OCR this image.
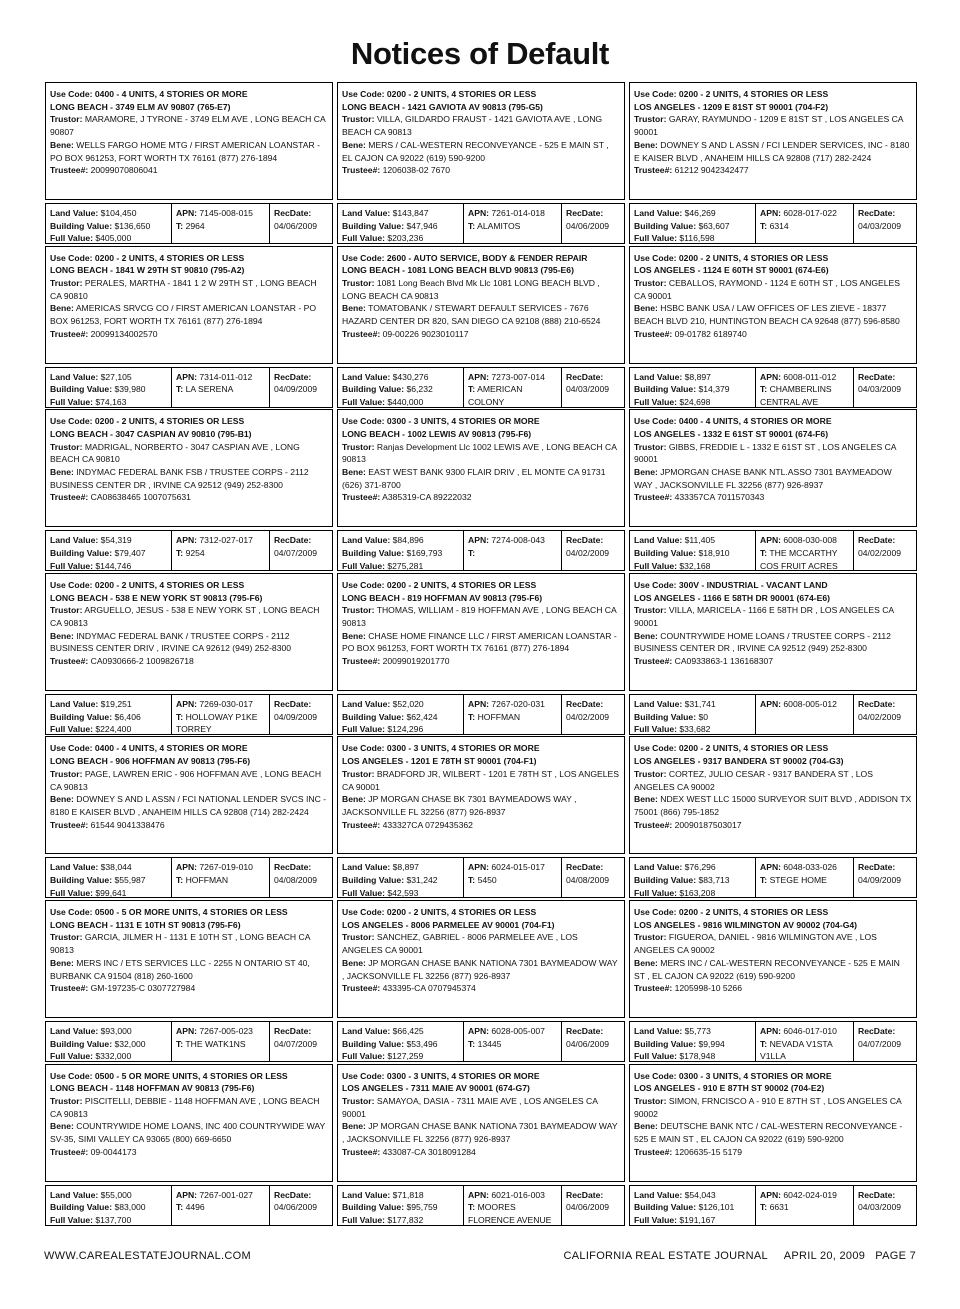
Notices of Default
Use Code: 0400 - 4 UNITS, 4 STORIES OR MORE
LONG BEACH - 3749 ELM AV 90807 (765-E7)
Trustor: MARAMORE, J TYRONE - 3749 ELM AVE , LONG BEACH CA 90807
Bene: WELLS FARGO HOME MTG / FIRST AMERICAN LOANSTAR - PO BOX 961253, FORT WORTH TX 76161 (877) 276-1894
Trustee#: 20099070806041
Land Value: $104,450
Building Value: $136,650
Full Value: $405,000
APN: 7145-008-015
T: 2964
RecDate:
04/06/2009
Use Code: 0200 - 2 UNITS, 4 STORIES OR LESS
LONG BEACH - 1841 W 29TH ST 90810 (795-A2)
Trustor: PERALES, MARTHA - 1841 1 2 W 29TH ST , LONG BEACH CA 90810
Bene: AMERICAS SRVCG CO / FIRST AMERICAN LOANSTAR - PO BOX 961253, FORT WORTH TX 76161 (877) 276-1894
Trustee#: 20099134002570
Land Value: $27,105
Building Value: $39,980
Full Value: $74,163
APN: 7314-011-012
T: LA SERENA
RecDate:
04/09/2009
Use Code: 0200 - 2 UNITS, 4 STORIES OR LESS
LONG BEACH - 3047 CASPIAN AV 90810 (795-B1)
Trustor: MADRIGAL, NORBERTO - 3047 CASPIAN AVE , LONG BEACH CA 90810
Bene: INDYMAC FEDERAL BANK FSB / TRUSTEE CORPS - 2112 BUSINESS CENTER DR , IRVINE CA 92512 (949) 252-8300
Trustee#: CA08638465 1007075631
Land Value: $54,319
Building Value: $79,407
Full Value: $144,746
APN: 7312-027-017
T: 9254
RecDate:
04/07/2009
Use Code: 0200 - 2 UNITS, 4 STORIES OR LESS
LONG BEACH - 538 E NEW YORK ST 90813 (795-F6)
Trustor: ARGUELLO, JESUS - 538 E NEW YORK ST , LONG BEACH CA 90813
Bene: INDYMAC FEDERAL BANK / TRUSTEE CORPS - 2112 BUSINESS CENTER DRIV , IRVINE CA 92612 (949) 252-8300
Trustee#: CA0930666-2 1009826718
Land Value: $19,251
Building Value: $6,406
Full Value: $224,400
APN: 7269-030-017
T: HOLLOWAY P1KE TORREY
RecDate:
04/09/2009
Use Code: 0400 - 4 UNITS, 4 STORIES OR MORE
LONG BEACH - 906 HOFFMAN AV 90813 (795-F6)
Trustor: PAGE, LAWREN ERIC - 906 HOFFMAN AVE , LONG BEACH CA 90813
Bene: DOWNEY S AND L ASSN / FCI NATIONAL LENDER SVCS INC - 8180 E KAISER BLVD , ANAHEIM HILLS CA 92808 (714) 282-2424
Trustee#: 61544 9041338476
Land Value: $38,044
Building Value: $55,987
Full Value: $99,641
APN: 7267-019-010
T: HOFFMAN
RecDate:
04/08/2009
Use Code: 0500 - 5 OR MORE UNITS, 4 STORIES OR LESS
LONG BEACH - 1131 E 10TH ST 90813 (795-F6)
Trustor: GARCIA, JILMER H - 1131 E 10TH ST , LONG BEACH CA 90813
Bene: MERS INC / ETS SERVICES LLC - 2255 N ONTARIO ST 40, BURBANK CA 91504 (818) 260-1600
Trustee#: GM-197235-C 0307727984
Land Value: $93,000
Building Value: $32,000
Full Value: $332,000
APN: 7267-005-023
T: THE WATK1NS
RecDate:
04/07/2009
Use Code: 0500 - 5 OR MORE UNITS, 4 STORIES OR LESS
LONG BEACH - 1148 HOFFMAN AV 90813 (795-F6)
Trustor: PISCITELLI, DEBBIE - 1148 HOFFMAN AVE , LONG BEACH CA 90813
Bene: COUNTRYWIDE HOME LOANS, INC 400 COUNTRYWIDE WAY SV-35, SIMI VALLEY CA 93065 (800) 669-6650
Trustee#: 09-0044173
Land Value: $55,000
Building Value: $83,000
Full Value: $137,700
APN: 7267-001-027
T: 4496
RecDate:
04/06/2009
Use Code: 0200 - 2 UNITS, 4 STORIES OR LESS
LONG BEACH - 1421 GAVIOTA AV 90813 (795-G5)
Trustor: VILLA, GILDARDO FRAUST - 1421 GAVIOTA AVE , LONG BEACH CA 90813
Bene: MERS / CAL-WESTERN RECONVEYANCE - 525 E MAIN ST , EL CAJON CA 92022 (619) 590-9200
Trustee#: 1206038-02 7670
Land Value: $143,847
Building Value: $47,946
Full Value: $203,236
APN: 7261-014-018
T: ALAMITOS
RecDate:
04/06/2009
Use Code: 2600 - AUTO SERVICE, BODY & FENDER REPAIR
LONG BEACH - 1081 LONG BEACH BLVD 90813 (795-E6)
Trustor: 1081 Long Beach Blvd Mk Llc 1081 LONG BEACH BLVD , LONG BEACH CA 90813
Bene: TOMATOBANK / STEWART DEFAULT SERVICES - 7676 HAZARD CENTER DR 820, SAN DIEGO CA 92108 (888) 210-6524
Trustee#: 09-00226 9023010117
Land Value: $430,276
Building Value: $6,232
Full Value: $440,000
APN: 7273-007-014
T: AMERICAN COLONY
RecDate:
04/03/2009
Use Code: 0300 - 3 UNITS, 4 STORIES OR MORE
LONG BEACH - 1002 LEWIS AV 90813 (795-F6)
Trustor: Ranjas Development Llc 1002 LEWIS AVE , LONG BEACH CA 90813
Bene: EAST WEST BANK 9300 FLAIR DRIV , EL MONTE CA 91731 (626) 371-8700
Trustee#: A385319-CA 89222032
Land Value: $84,896
Building Value: $169,793
Full Value: $275,281
APN: 7274-008-043
T:
RecDate:
04/02/2009
Use Code: 0200 - 2 UNITS, 4 STORIES OR LESS
LONG BEACH - 819 HOFFMAN AV 90813 (795-F6)
Trustor: THOMAS, WILLIAM - 819 HOFFMAN AVE , LONG BEACH CA 90813
Bene: CHASE HOME FINANCE LLC / FIRST AMERICAN LOANSTAR - PO BOX 961253, FORT WORTH TX 76161 (877) 276-1894
Trustee#: 20099019201770
Land Value: $52,020
Building Value: $62,424
Full Value: $124,296
APN: 7267-020-031
T: HOFFMAN
RecDate:
04/02/2009
Use Code: 0300 - 3 UNITS, 4 STORIES OR MORE
LOS ANGELES - 1201 E 78TH ST 90001 (704-F1)
Trustor: BRADFORD JR, WILBERT - 1201 E 78TH ST , LOS ANGELES CA 90001
Bene: JP MORGAN CHASE BK 7301 BAYMEADOWS WAY , JACKSONVILLE FL 32256 (877) 926-8937
Trustee#: 433327CA 0729435362
Land Value: $8,897
Building Value: $31,242
Full Value: $42,593
APN: 6024-015-017
T: 5450
RecDate:
04/08/2009
Use Code: 0200 - 2 UNITS, 4 STORIES OR LESS
LOS ANGELES - 8006 PARMELEE AV 90001 (704-F1)
Trustor: SANCHEZ, GABRIEL - 8006 PARMELEE AVE , LOS ANGELES CA 90001
Bene: JP MORGAN CHASE BANK NATIONA 7301 BAYMEADOW WAY , JACKSONVILLE FL 32256 (877) 926-8937
Trustee#: 433395-CA 0707945374
Land Value: $66,425
Building Value: $53,496
Full Value: $127,259
APN: 6028-005-007
T: 13445
RecDate:
04/06/2009
Use Code: 0300 - 3 UNITS, 4 STORIES OR MORE
LOS ANGELES - 7311 MAIE AV 90001 (674-G7)
Trustor: SAMAYOA, DASIA - 7311 MAIE AVE , LOS ANGELES CA 90001
Bene: JP MORGAN CHASE BANK NATIONA 7301 BAYMEADOW WAY , JACKSONVILLE FL 32256 (877) 926-8937
Trustee#: 433087-CA 3018091284
Land Value: $71,818
Building Value: $95,759
Full Value: $177,832
APN: 6021-016-003
T: MOORES FLORENCE AVENUE
RecDate:
04/06/2009
Use Code: 0200 - 2 UNITS, 4 STORIES OR LESS
LOS ANGELES - 1209 E 81ST ST 90001 (704-F2)
Trustor: GARAY, RAYMUNDO - 1209 E 81ST ST , LOS ANGELES CA 90001
Bene: DOWNEY S AND L ASSN / FCI LENDER SERVICES, INC - 8180 E KAISER BLVD , ANAHEIM HILLS CA 92808 (717) 282-2424
Trustee#: 61212 9042342477
Land Value: $46,269
Building Value: $63,607
Full Value: $116,598
APN: 6028-017-022
T: 6314
RecDate:
04/03/2009
Use Code: 0200 - 2 UNITS, 4 STORIES OR LESS
LOS ANGELES - 1124 E 60TH ST 90001 (674-E6)
Trustor: CEBALLOS, RAYMOND - 1124 E 60TH ST , LOS ANGELES CA 90001
Bene: HSBC BANK USA / LAW OFFICES OF LES ZIEVE - 18377 BEACH BLVD 210, HUNTINGTON BEACH CA 92648 (877) 596-8580
Trustee#: 09-01782 6189740
Land Value: $8,897
Building Value: $14,379
Full Value: $24,698
APN: 6008-011-012
T: CHAMBERLINS CENTRAL AVE
RecDate:
04/03/2009
Use Code: 0400 - 4 UNITS, 4 STORIES OR MORE
LOS ANGELES - 1332 E 61ST ST 90001 (674-F6)
Trustor: GIBBS, FREDDIE L - 1332 E 61ST ST , LOS ANGELES CA 90001
Bene: JPMORGAN CHASE BANK NTL.ASSO 7301 BAYMEADOW WAY , JACKSONVILLE FL 32256 (877) 926-8937
Trustee#: 433357CA 7011570343
Land Value: $11,405
Building Value: $18,910
Full Value: $32,168
APN: 6008-030-008
T: THE MCCARTHY COS FRUIT ACRES
RecDate:
04/02/2009
Use Code: 300V - INDUSTRIAL - VACANT LAND
LOS ANGELES - 1166 E 58TH DR 90001 (674-E6)
Trustor: VILLA, MARICELA - 1166 E 58TH DR , LOS ANGELES CA 90001
Bene: COUNTRYWIDE HOME LOANS / TRUSTEE CORPS - 2112 BUSINESS CENTER DR , IRVINE CA 92512 (949) 252-8300
Trustee#: CA0933863-1 136168307
Land Value: $31,741
Building Value: $0
Full Value: $33,682
APN: 6008-005-012	RecDate:
04/02/2009
Use Code: 0200 - 2 UNITS, 4 STORIES OR LESS
LOS ANGELES - 9317 BANDERA ST 90002 (704-G3)
Trustor: CORTEZ, JULIO CESAR - 9317 BANDERA ST , LOS ANGELES CA 90002
Bene: NDEX WEST LLC 15000 SURVEYOR SUIT BLVD , ADDISON TX 75001 (866) 795-1852
Trustee#: 20090187503017
Land Value: $76,296
Building Value: $83,713
Full Value: $163,208
APN: 6048-033-026
T: STEGE HOME
RecDate:
04/09/2009
Use Code: 0200 - 2 UNITS, 4 STORIES OR LESS
LOS ANGELES - 9816 WILMINGTON AV 90002 (704-G4)
Trustor: FIGUEROA, DANIEL - 9816 WILMINGTON AVE , LOS ANGELES CA 90002
Bene: MERS INC / CAL-WESTERN RECONVEYANCE - 525 E MAIN ST , EL CAJON CA 92022 (619) 590-9200
Trustee#: 1205998-10 5266
Land Value: $5,773
Building Value: $9,994
Full Value: $178,948
APN: 6046-017-010
T: NEVADA V1STA V1LLA
RecDate:
04/07/2009
Use Code: 0300 - 3 UNITS, 4 STORIES OR MORE
LOS ANGELES - 910 E 87TH ST 90002 (704-E2)
Trustor: SIMON, FRNCISCO A - 910 E 87TH ST , LOS ANGELES CA 90002
Bene: DEUTSCHE BANK NTC / CAL-WESTERN RECONVEYANCE - 525 E MAIN ST , EL CAJON CA 92022 (619) 590-9200
Trustee#: 1206635-15 5179
Land Value: $54,043
Building Value: $126,101
Full Value: $191,167
APN: 6042-024-019
T: 6631
RecDate:
04/03/2009
WWW.CAREALESTATEJOURNAL.COM	CALIFORNIA REAL ESTATE JOURNAL APRIL 20, 2009 PAGE 7
